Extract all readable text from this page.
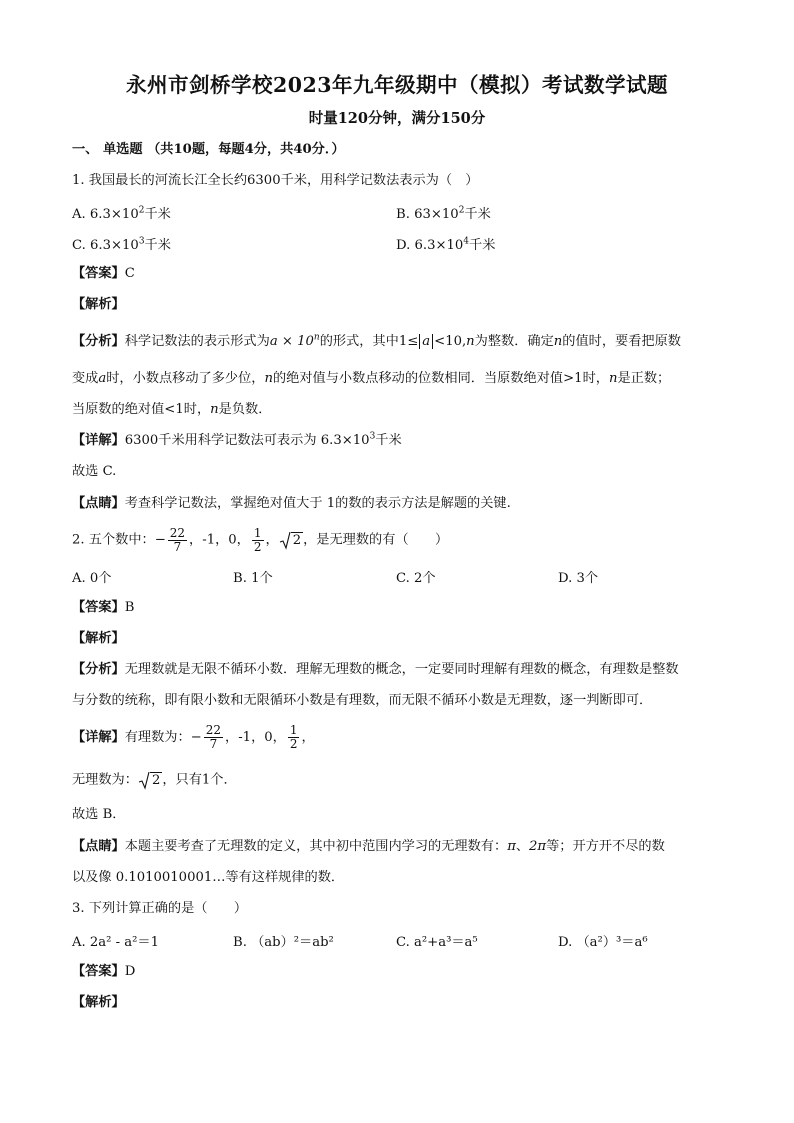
永州市剑桥学校2023年九年级期中（模拟）考试数学试题
时量120分钟，满分150分
一、 单选题 （共10题，每题4分，共40分．）
1. 我国最长的河流长江全长约6300千米，用科学记数法表示为（　）
A. $6.3\times 10^2$千米	B. $63\times 10^2$千米
C. $6.3\times 10^3$千米	D. $6.3\times 10^4$千米
【答案】C
【解析】
【分析】科学记数法的表示形式为$a \times 10^n$的形式，其中1≤ a <10,n为整数．确定n的值时，要看把原数
变成a时，小数点移动了多少位，n的绝对值与小数点移动的位数相同．当原数绝对值>1时，n是正数；
当原数的绝对值<1时，n是负数．
【详解】6300千米用科学记数法可表示为 $6.3\times 10^3$千米
故选 C.
【点睛】考查科学记数法，掌握绝对值大于 1的数的表示方法是解题的关键.
2. 五个数中：− $\frac{22}{7}$ ，-1，0， $\frac{1}{2}$ ， 2 ，是无理数的有（　　）
A. 0个	B. 1个	C. 2个	D. 3个
【答案】B
【解析】
【分析】无理数就是无限不循环小数．理解无理数的概念，一定要同时理解有理数的概念，有理数是整数
与分数的统称，即有限小数和无限循环小数是有理数，而无限不循环小数是无理数，逐一判断即可．
【详解】有理数为：− $\frac{22}{7}$ ，-1，0， $\frac{1}{2}$ ，
无理数为： 2 ，只有1个．
故选 B．
【点睛】本题主要考查了无理数的定义，其中初中范围内学习的无理数有：π、2π等；开方开不尽的数
以及像 0.1010010001…等有这样规律的数．
3. 下列计算正确的是（　　）
A. 2a² - a²＝1	B. （ab）²＝ab²	C. a²+a³＝a⁵	D. （a²）³＝a⁶
【答案】D
【解析】
